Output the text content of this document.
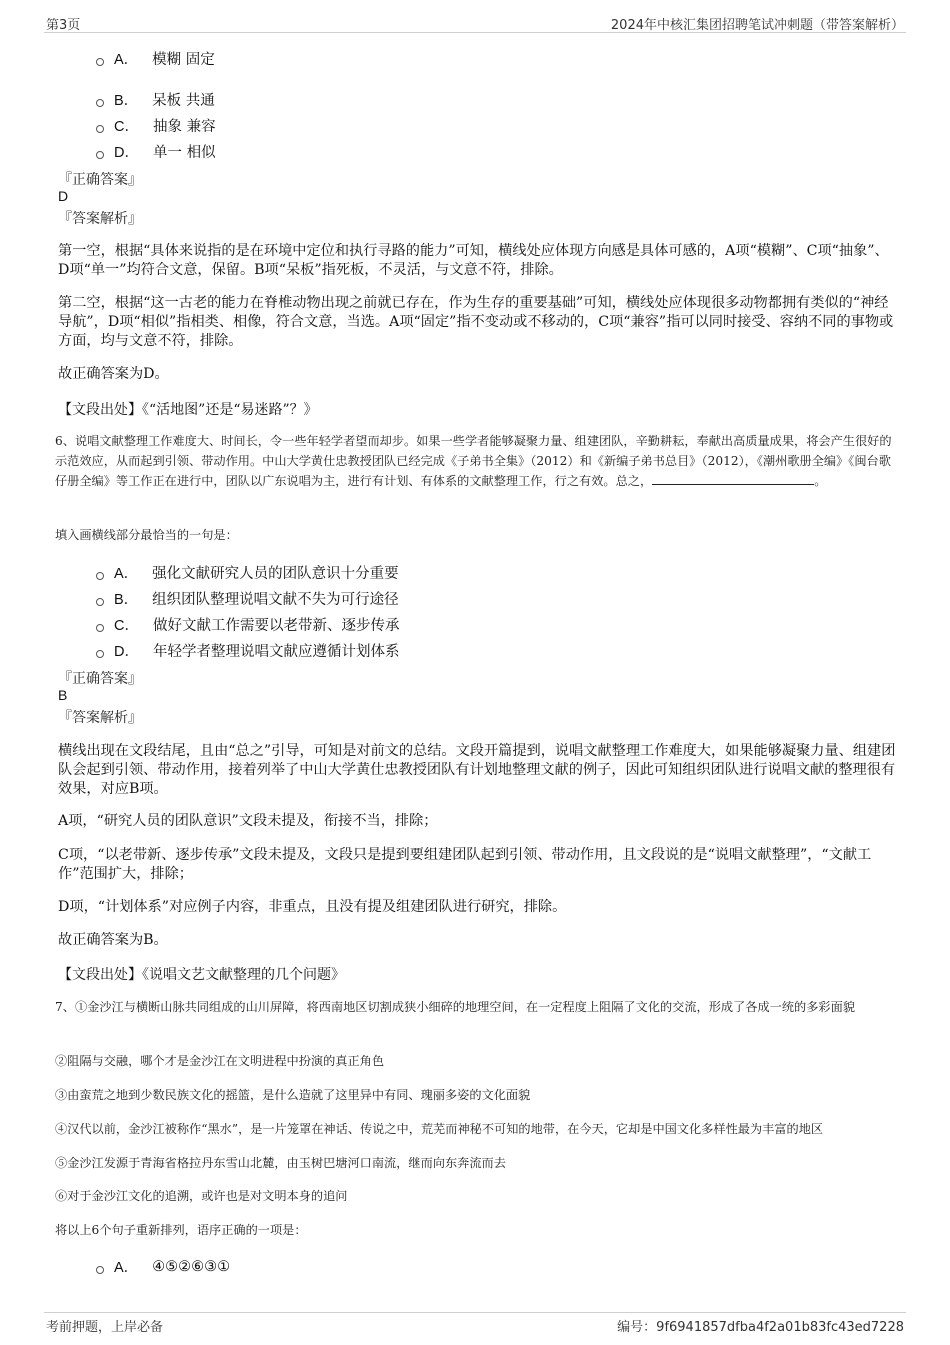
第3页	2024年中核汇集团招聘笔试冲刺题（带答案解析）
A． 模糊 固定
B． 呆板 共通
C． 抽象 兼容
D． 单一 相似
『正确答案』
D
『答案解析』
第一空，根据“具体来说指的是在环境中定位和执行寻路的能力”可知，横线处应体现方向感是具体可感的，A项“模糊”、C项“抽象”、D项“单一”均符合文意，保留。B项“呆板”指死板，不灵活，与文意不符，排除。
第二空，根据“这一古老的能力在脊椎动物出现之前就已存在，作为生存的重要基础”可知，横线处应体现很多动物都拥有类似的“神经导航”，D项“相似”指相类、相像，符合文意，当选。A项“固定”指不变动或不移动的，C项“兼容”指可以同时接受、容纳不同的事物或方面，均与文意不符，排除。
故正确答案为D。
【文段出处】《“活地图”还是“易迷路”？》
6、说唱文献整理工作难度大、时间长，令一些年轻学者望而却步。如果一些学者能够凝聚力量、组建团队，辛勤耕耘，奉献出高质量成果，将会产生很好的示范效应，从而起到引领、带动作用。中山大学黄仕忠教授团队已经完成《子弟书全集》（2012）和《新编子弟书总目》（2012），《潮州歌册全编》《闽台歌仔册全编》等工作正在进行中，团队以广东说唱为主，进行有计划、有体系的文献整理工作，行之有效。总之，	。
填入画横线部分最恰当的一句是：
A． 强化文献研究人员的团队意识十分重要
B． 组织团队整理说唱文献不失为可行途径
C． 做好文献工作需要以老带新、逐步传承
D． 年轻学者整理说唱文献应遵循计划体系
『正确答案』
B
『答案解析』
横线出现在文段结尾，且由“总之”引导，可知是对前文的总结。文段开篇提到，说唱文献整理工作难度大，如果能够凝聚力量、组建团队会起到引领、带动作用，接着列举了中山大学黄仕忠教授团队有计划地整理文献的例子，因此可知组织团队进行说唱文献的整理很有效果，对应B项。
A项，“研究人员的团队意识”文段未提及，衔接不当，排除；
C项，“以老带新、逐步传承”文段未提及，文段只是提到要组建团队起到引领、带动作用，且文段说的是“说唱文献整理”，“文献工作”范围扩大，排除；
D项，“计划体系”对应例子内容，非重点，且没有提及组建团队进行研究，排除。
故正确答案为B。
【文段出处】《说唱文艺文献整理的几个问题》
7、①金沙江与横断山脉共同组成的山川屏障，将西南地区切割成狭小细碎的地理空间，在一定程度上阻隔了文化的交流，形成了各成一统的多彩面貌
②阻隔与交融，哪个才是金沙江在文明进程中扮演的真正角色
③由蛮荒之地到少数民族文化的摇篮，是什么造就了这里异中有同、瑰丽多姿的文化面貌
④汉代以前，金沙江被称作“黑水”，是一片笼罩在神话、传说之中，荒芜而神秘不可知的地带，在今天，它却是中国文化多样性最为丰富的地区
⑤金沙江发源于青海省格拉丹东雪山北麓，由玉树巴塘河口南流，继而向东奔流而去
⑥对于金沙江文化的追溯，或许也是对文明本身的追问
将以上6个句子重新排列，语序正确的一项是：
A． ④⑤②⑥③①
考前押题，上岸必备	编号：9f6941857dfba4f2a01b83fc43ed7228
